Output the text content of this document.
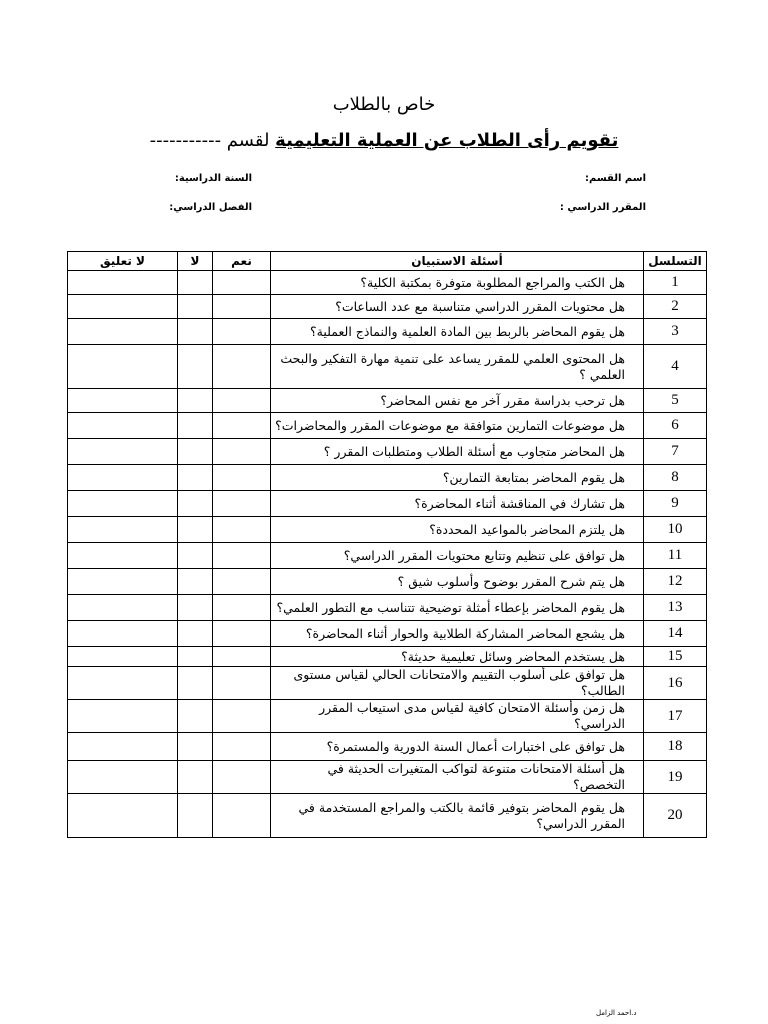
خاص بالطلاب
تقويم رأى الطلاب عن العملية التعليمية لقسم -----------
اسم القسم:
السنة الدراسية:
المقرر الدراسي :
الفصل الدراسي:
التسلسل	أسئلة الاستبيان	نعم	لا	لا تعليق
1	هل الكتب والمراجع المطلوبة متوفرة بمكتبة الكلية؟			
2	هل محتويات المقرر الدراسي متناسبة مع عدد الساعات؟			
3	هل يقوم المحاضر بالربط بين المادة العلمية والنماذج العملية؟			
4	هل المحتوى العلمي للمقرر يساعد على تنمية مهارة التفكير والبحث العلمي ؟			
5	هل ترحب بدراسة مقرر آخر مع نفس المحاضر؟			
6	هل موضوعات التمارين متوافقة مع موضوعات المقرر والمحاضرات؟			
7	هل المحاضر متجاوب مع أسئلة الطلاب ومتطلبات المقرر ؟			
8	هل يقوم المحاضر بمتابعة التمارين؟			
9	هل تشارك في المناقشة أثناء المحاضرة؟			
10	هل يلتزم المحاضر بالمواعيد المحددة؟			
11	هل توافق على تنظيم وتتابع محتويات المقرر الدراسي؟			
12	هل يتم شرح المقرر بوضوح وأسلوب شيق ؟			
13	هل يقوم المحاضر بإعطاء أمثلة توضيحية تتناسب مع التطور العلمي؟			
14	هل يشجع المحاضر المشاركة الطلابية والحوار أثناء المحاضرة؟			
15	هل يستخدم المحاضر وسائل تعليمية حديثة؟			
16	هل توافق على أسلوب التقييم والامتحانات الحالي لقياس مستوى الطالب؟			
17	هل زمن وأسئلة الامتحان كافية لقياس مدى استيعاب المقرر الدراسي؟			
18	هل توافق على اختبارات أعمال السنة الدورية والمستمرة؟			
19	هل أسئلة الامتحانات متنوعة لتواكب المتغيرات الحديثة في التخصص؟			
20	هل يقوم المحاضر بتوفير قائمة بالكتب والمراجع المستخدمة في المقرر الدراسي؟			
د.احمد الزامل
